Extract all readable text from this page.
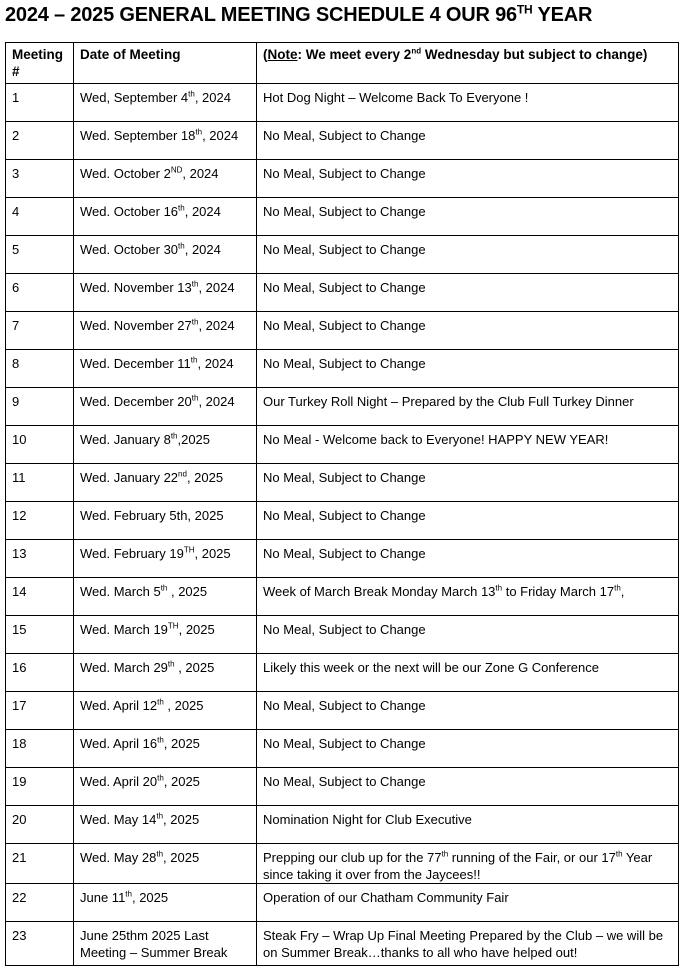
2024 – 2025 GENERAL MEETING SCHEDULE 4 OUR 96TH YEAR
Meeting #	Date of Meeting	(Note: We meet every 2nd Wednesday but subject to change)
1	Wed, September 4th, 2024	Hot Dog Night – Welcome Back To Everyone !
2	Wed. September 18th, 2024	No Meal, Subject to Change
3	Wed. October 2ND, 2024	No Meal, Subject to Change
4	Wed. October 16th, 2024	No Meal, Subject to Change
5	Wed. October 30th, 2024	No Meal, Subject to Change
6	Wed. November 13th, 2024	No Meal, Subject to Change
7	Wed. November 27th, 2024	No Meal, Subject to Change
8	Wed. December 11th, 2024	No Meal, Subject to Change
9	Wed. December 20th, 2024	Our Turkey Roll Night – Prepared by the Club Full Turkey Dinner
10	Wed. January 8th,2025	No Meal - Welcome back to Everyone! HAPPY NEW YEAR!
11	Wed. January 22nd, 2025	No Meal, Subject to Change
12	Wed. February 5th, 2025	No Meal, Subject to Change
13	Wed. February 19TH, 2025	No Meal, Subject to Change
14	Wed. March 5th , 2025	Week of March Break Monday March 13th to Friday March 17th,
15	Wed. March 19TH, 2025	No Meal, Subject to Change
16	Wed. March 29th , 2025	Likely this week or the next will be our Zone G Conference
17	Wed. April 12th , 2025	No Meal, Subject to Change
18	Wed. April 16th, 2025	No Meal, Subject to Change
19	Wed. April 20th, 2025	No Meal, Subject to Change
20	Wed. May 14th, 2025	Nomination Night for Club Executive
21	Wed. May 28th, 2025	Prepping our club up for the 77th running of the Fair, or our 17th Year since taking it over from the Jaycees!!
22	June 11th, 2025	Operation of our Chatham Community Fair
23	June 25thm 2025 Last Meeting – Summer Break	Steak Fry – Wrap Up Final Meeting Prepared by the Club – we will be on Summer Break…thanks to all who have helped out!
